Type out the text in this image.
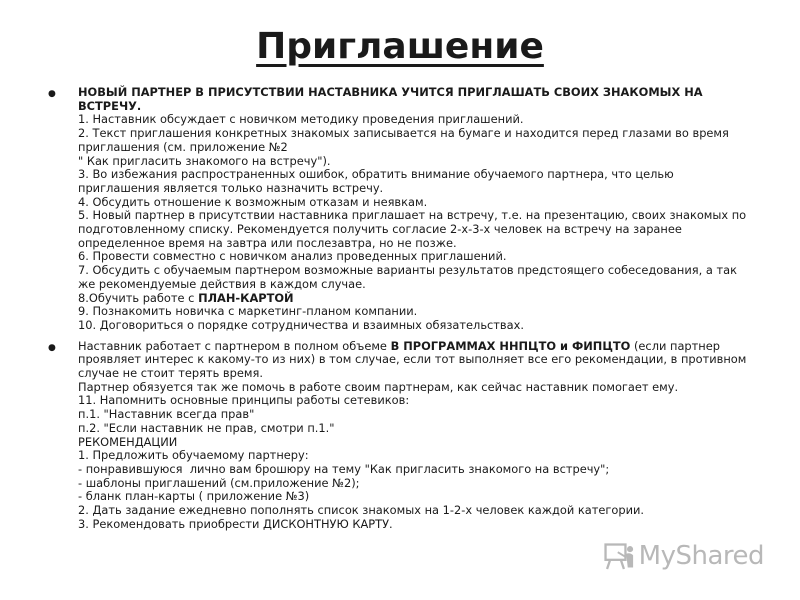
Приглашение
● НОВЫЙ ПАРТНЕР В ПРИСУТСТВИИ НАСТАВНИКА УЧИТСЯ ПРИГЛАШАТЬ СВОИХ ЗНАКОМЫХ НА ВСТРЕЧУ.
1. Наставник обсуждает с новичком методику проведения приглашений.
2. Текст приглашения конкретных знакомых записывается на бумаге и находится перед глазами во время
приглашения (см. приложение №2
" Как пригласить знакомого на встречу").
3. Во избежания распространенных ошибок, обратить внимание обучаемого партнера, что целью
приглашения является только назначить встречу.
4. Обсудить отношение к возможным отказам и неявкам.
5. Новый партнер в присутствии наставника приглашает на встречу, т.е. на презентацию, своих знакомых по
подготовленному списку. Рекомендуется получить согласие 2-х-3-х человек на встречу на заранее
определенное время на завтра или послезавтра, но не позже.
6. Провести совместно с новичком анализ проведенных приглашений.
7. Обсудить с обучаемым партнером возможные варианты результатов предстоящего собеседования, а так
же рекомендуемые действия в каждом случае.
8.Обучить работе с ПЛАН-КАРТОЙ
9. Познакомить новичка с маркетинг-планом компании.
10. Договориться о порядке сотрудничества и взаимных обязательствах.
● Наставник работает с партнером в полном объеме В ПРОГРАММАХ ННПЦТО и ФИПЦТО (если партнер
проявляет интерес к какому-то из них) в том случае, если тот выполняет все его рекомендации, в противном
случае не стоит терять время.
Партнер обязуется так же помочь в работе своим партнерам, как сейчас наставник помогает ему.
11. Напомнить основные принципы работы сетевиков:
п.1. "Наставник всегда прав"
п.2. "Если наставник не прав, смотри п.1."
РЕКОМЕНДАЦИИ
1. Предложить обучаемому партнеру:
- понравившуюся  лично вам брошюру на тему "Как пригласить знакомого на встречу";
- шаблоны приглашений (см.приложение №2);
- бланк план-карты ( приложение №3)
2. Дать задание ежедневно пополнять список знакомых на 1-2-х человек каждой категории.
3. Рекомендовать приобрести ДИСКОНТНУЮ КАРТУ.
MyShared
